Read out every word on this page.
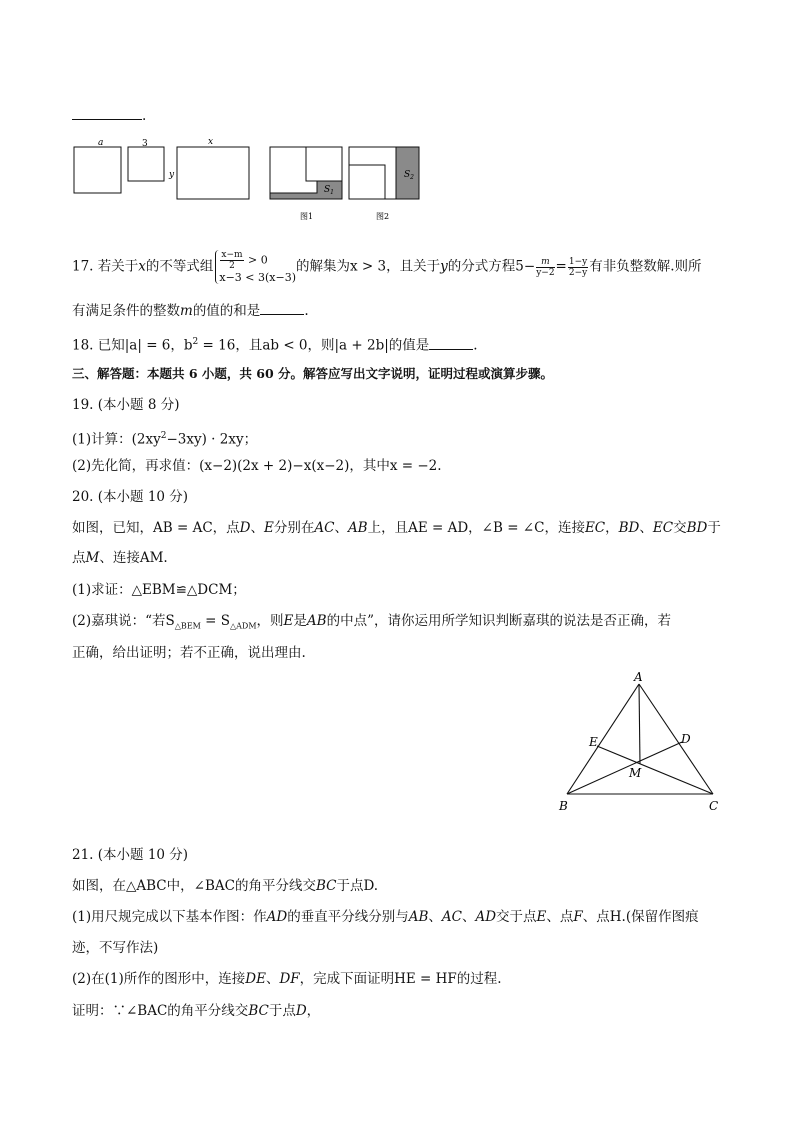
.
a	3
y
x
$S_1$
图1
$S_2$
图2
17. 若关于x的不等式组 $\frac{x-m}{2} > 0$
x−3 < 3(x−3)
的解集为x > 3，且关于y的分式方程$5- \frac{m}{y-2} = \frac{1-y}{2-y}$ 有非负整数解.则所
有满足条件的整数m的值的和是	.
18. 已知|a| = 6，$b^2 = 16$，且ab < 0，则|a + 2b|的值是	.
三、解答题：本题共 6 小题，共 60 分。解答应写出文字说明，证明过程或演算步骤。
19. (本小题 8 分)
(1)计算：$(2xy^2-3xy) \cdot 2xy$；
(2)先化简，再求值：(x−2)(2x + 2)−x(x−2)，其中x = −2.
20. (本小题 10 分)
如图，已知，AB = AC，点D、E分别在AC、AB上，且AE = AD，∠B = ∠C，连接EC，BD、EC交BD于
点M、连接AM.
(1)求证：△EBM≌△DCM；
(2)嘉琪说：“若$S_{\triangle BEM} = S_{\triangle ADM}$，则E是AB的中点”，请你运用所学知识判断嘉琪的说法是否正确，若
正确，给出证明；若不正确，说出理由.
A
B	C
D
E
M
21. (本小题 10 分)
如图，在△ABC中，∠BAC的角平分线交BC于点D.
(1)用尺规完成以下基本作图：作AD的垂直平分线分别与AB、AC、AD交于点E、点F、点H.(保留作图痕
迹，不写作法)
(2)在(1)所作的图形中，连接DE、DF，完成下面证明HE = HF的过程.
证明：∵∠BAC的角平分线交BC于点D，
